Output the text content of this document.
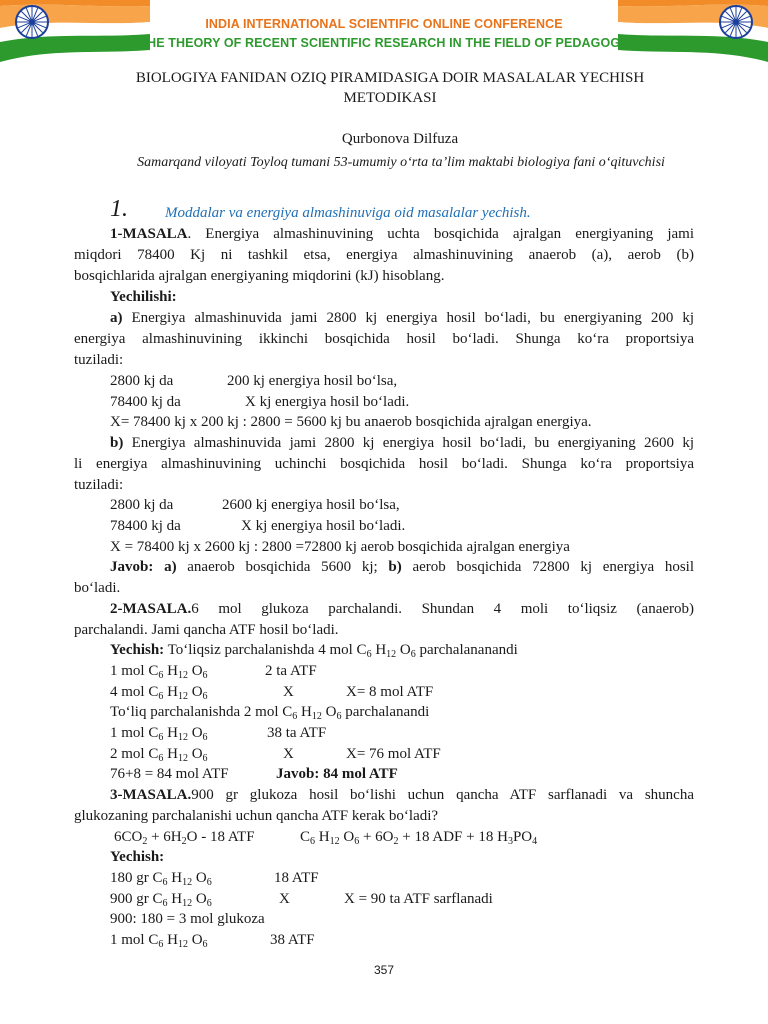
INDIA INTERNATIONAL SCIENTIFIC ONLINE CONFERENCE
THE THEORY OF RECENT SCIENTIFIC RESEARCH IN THE FIELD OF PEDAGOGY
BIOLOGIYA FANIDAN OZIQ PIRAMIDASIGA DOIR MASALALAR YECHISH
METODIKASI
Qurbonova Dilfuza
Samarqand viloyati Toyloq tumani 53-umumiy o‘rta ta’lim maktabi biologiya fani o‘qituvchisi
1. Moddalar va energiya almashinuviga oid masalalar yechish.
1-MASALA. Energiya almashinuvining uchta bosqichida ajralgan energiyaning jami
miqdori 78400 Kj ni tashkil etsa, energiya almashinuvining anaerob (a), aerob (b)
bosqichlarida ajralgan energiyaning miqdorini (kJ) hisoblang.
Yechilishi:
a) Energiya almashinuvida jami 2800 kj energiya hosil bo‘ladi, bu energiyaning 200 kj
energiya almashinuvining ikkinchi bosqichida hosil bo‘ladi. Shunga ko‘ra proportsiya
tuziladi:
2800 kj da	200 kj energiya hosil bo‘lsa,
78400 kj da	X kj energiya hosil bo‘ladi.
X= 78400 kj x 200 kj : 2800 = 5600 kj bu anaerob bosqichida ajralgan energiya.
b) Energiya almashinuvida jami 2800 kj energiya hosil bo‘ladi, bu energiyaning 2600 kj
li energiya almashinuvining uchinchi bosqichida hosil bo‘ladi. Shunga ko‘ra proportsiya
tuziladi:
2800 kj da	2600 kj energiya hosil bo‘lsa,
78400 kj da	X kj energiya hosil bo‘ladi.
X = 78400 kj x 2600 kj : 2800 =72800 kj aerob bosqichida ajralgan energiya
Javob: a) anaerob bosqichida 5600 kj; b) aerob bosqichida 72800 kj energiya hosil
bo‘ladi.
2-MASALA.6 mol glukoza parchalandi. Shundan 4 moli to‘liqsiz (anaerob)
parchalandi. Jami qancha ATF hosil bo‘ladi.
Yechish: To‘liqsiz parchalanishda 4 mol $C_6$ $H_{12}$ $O_6$ parchalananandi
1 mol $C_6$ $H_{12}$ $O_6$	2 ta ATF
4 mol $C_6$ $H_{12}$ $O_6$	X	X= 8 mol ATF
To‘liq parchalanishda 2 mol $C_6$ $H_{12}$ $O_6$ parchalanandi
1 mol $C_6$ $H_{12}$ $O_6$	38 ta ATF
2 mol $C_6$ $H_{12}$ $O_6$	X	X= 76 mol ATF
76+8 = 84 mol ATF	Javob: 84 mol ATF
3-MASALA.900 gr glukoza hosil bo‘lishi uchun qancha ATF sarflanadi va shuncha
glukozaning parchalanishi uchun qancha ATF kerak bo‘ladi?
$6CO_2 + 6H_2O - 18$ ATF	$C_6$ $H_{12}$ $O_6 + 6O_2 + 18$ ADF + 18 $H_3PO_4$
Yechish:
180 gr $C_6$ $H_{12}$ $O_6$	18 ATF
900 gr $C_6$ $H_{12}$ $O_6$	X	X = 90 ta ATF sarflanadi
900: 180 = 3 mol glukoza
1 mol $C_6$ $H_{12}$ $O_6$	38 ATF
357
